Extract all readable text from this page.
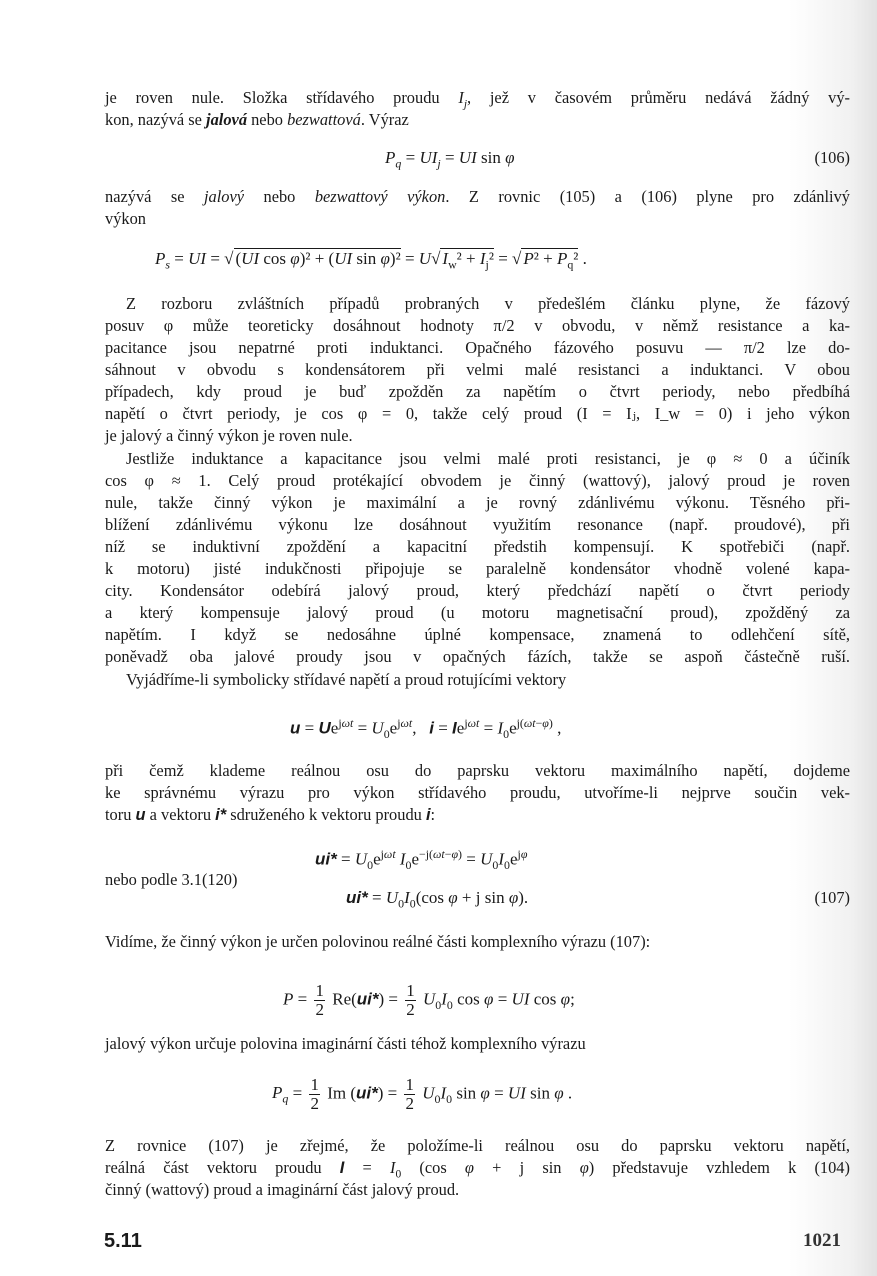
je roven nule. Složka střídavého proudu $I_j$, jež v časovém průměru nedává žádný vý-
kon, nazývá se jalová nebo bezwattová. Výraz
$P_q = UI_j$ = UI sin φ	(106)
nazývá se jalový nebo bezwattový výkon. Z rovnic (105) a (106) plyne pro zdánlivý
výkon
$P_s$ = UI = √ (UI cos φ)² + (UI sin φ)² = U√ $I_w^2 + I_j^2$ = √ $P^2 + P_q^2$ .
Z rozboru zvláštních případů probraných v předešlém článku plyne, že fázový
posuv φ může teoreticky dosáhnout hodnoty π/2 v obvodu, v němž resistance a ka-
pacitance jsou nepatrné proti induktanci. Opačného fázového posuvu — π/2 lze do-
sáhnout v obvodu s kondensátorem při velmi malé resistanci a induktanci. V obou
případech, kdy proud je buď zpožděn za napětím o čtvrt periody, nebo předbíhá
napětí o čtvrt periody, je cos φ = 0, takže celý proud (I = Iⱼ, I_w = 0) i jeho výkon
je jalový a činný výkon je roven nule.
Jestliže induktance a kapacitance jsou velmi malé proti resistanci, je φ ≈ 0 a účiník
cos φ ≈ 1. Celý proud protékající obvodem je činný (wattový), jalový proud je roven
nule, takže činný výkon je maximální a je rovný zdánlivému výkonu. Těsného při-
blížení zdánlivému výkonu lze dosáhnout využitím resonance (např. proudové), při
níž se induktivní zpoždění a kapacitní předstih kompensují. K spotřebiči (např.
k motoru) jisté indukčnosti připojuje se paralelně kondensátor vhodně volené kapa-
city. Kondensátor odebírá jalový proud, který předchází napětí o čtvrt periody
a který kompensuje jalový proud (u motoru magnetisační proud), zpožděný za
napětím. I když se nedosáhne úplné kompensace, znamená to odlehčení sítě,
poněvadž oba jalové proudy jsou v opačných fázích, takže se aspoň částečně ruší.
Vyjádříme-li symbolicky střídavé napětí a proud rotujícími vektory
$u = Ue^{j\omega t} = U_0e^{j\omega t}$,   $i = Ie^{j\omega t} = I_0e^{j(\omega t-\varphi)}$ ,
při čemž klademe reálnou osu do paprsku vektoru maximálního napětí, dojdeme
ke správnému výrazu pro výkon střídavého proudu, utvoříme-li nejprve součin vek-
toru u a vektoru i* sdruženého k vektoru proudu i:
$ui* = U_0e^{j\omega t}$ $I_0e^{-j(\omega t-\varphi)} = U_0I_0e^{j\varphi}$
nebo podle 3.1(120)
$ui* = U_0I_0(\cos$ φ + j sin φ).	(107)
Vidíme, že činný výkon je určen polovinou reálné části komplexního výrazu (107):
$P = \frac{1}{2} Re(ui*) = \frac{1}{2} U_0I_0$ cos φ = UI cos φ;
jalový výkon určuje polovina imaginární části téhož komplexního výrazu
$P_q = \frac{1}{2}$ Im $(ui*) = \frac{1}{2} U_0I_0$ sin φ = UI sin φ .
Z rovnice (107) je zřejmé, že položíme-li reálnou osu do paprsku vektoru napětí,
reálná část vektoru proudu $I = I_0$ (cos φ + j sin φ) představuje vzhledem k (104)
činný (wattový) proud a imaginární část jalový proud.
5.11	1021
